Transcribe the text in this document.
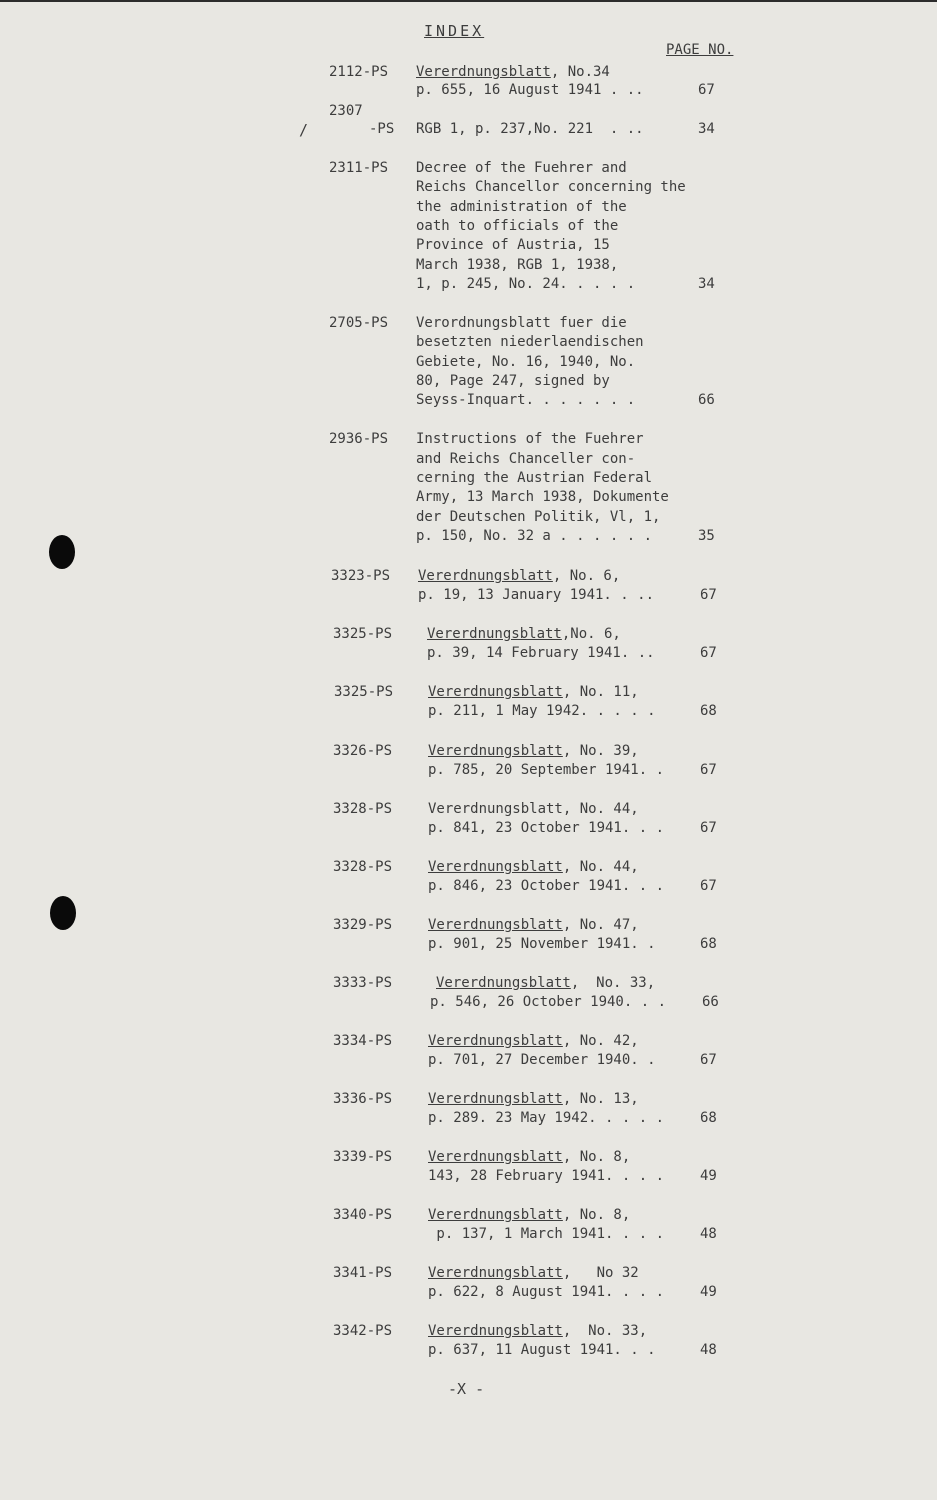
INDEX
PAGE NO.
/
2112-PS Vererdnungsblatt, No.34
p. 655, 16 August 1941 . ..	67
2307
-PS RGB 1, p. 237,No. 221  . ..	34
2311-PS Decree of the Fuehrer and
Reichs Chancellor concerning the
the administration of the
oath to officials of the
Province of Austria, 15
March 1938, RGB 1, 1938,
1, p. 245, No. 24. . . . .	34
2705-PS Verordnungsblatt fuer die
besetzten niederlaendischen
Gebiete, No. 16, 1940, No.
80, Page 247, signed by
Seyss-Inquart. . . . . . .	66
2936-PS Instructions of the Fuehrer
and Reichs Chanceller con-
cerning the Austrian Federal
Army, 13 March 1938, Dokumente
der Deutschen Politik, Vl, 1,
p. 150, No. 32 a . . . . . .	35
3323-PS Vererdnungsblatt, No. 6,
p. 19, 13 January 1941. . ..	67
3325-PS Vererdnungsblatt,No. 6,
p. 39, 14 February 1941. ..	67
3325-PS Vererdnungsblatt, No. 11,
p. 211, 1 May 1942. . . . .	68
3326-PS	Vererdnungsblatt, No. 39,
p. 785, 20 September 1941. .	67
3328-PS	Vererdnungsblatt, No. 44,
p. 841, 23 October 1941. . .	67
3328-PS	Vererdnungsblatt, No. 44,
p. 846, 23 October 1941. . .	67
3329-PS	Vererdnungsblatt, No. 47,
p. 901, 25 November 1941. .	68
3333-PS	Vererdnungsblatt,  No. 33,
p. 546, 26 October 1940. . .	66
3334-PS	Vererdnungsblatt, No. 42,
p. 701, 27 December 1940. .	67
3336-PS	Vererdnungsblatt, No. 13,
p. 289. 23 May 1942. . . . .	68
3339-PS	Vererdnungsblatt, No. 8,
143, 28 February 1941. . . .	49
3340-PS	Vererdnungsblatt, No. 8,
p. 137, 1 March 1941. . . .	48
3341-PS	Vererdnungsblatt,   No 32
p. 622, 8 August 1941. . . .	49
3342-PS	Vererdnungsblatt,  No. 33,
p. 637, 11 August 1941. . .	48
-X -
